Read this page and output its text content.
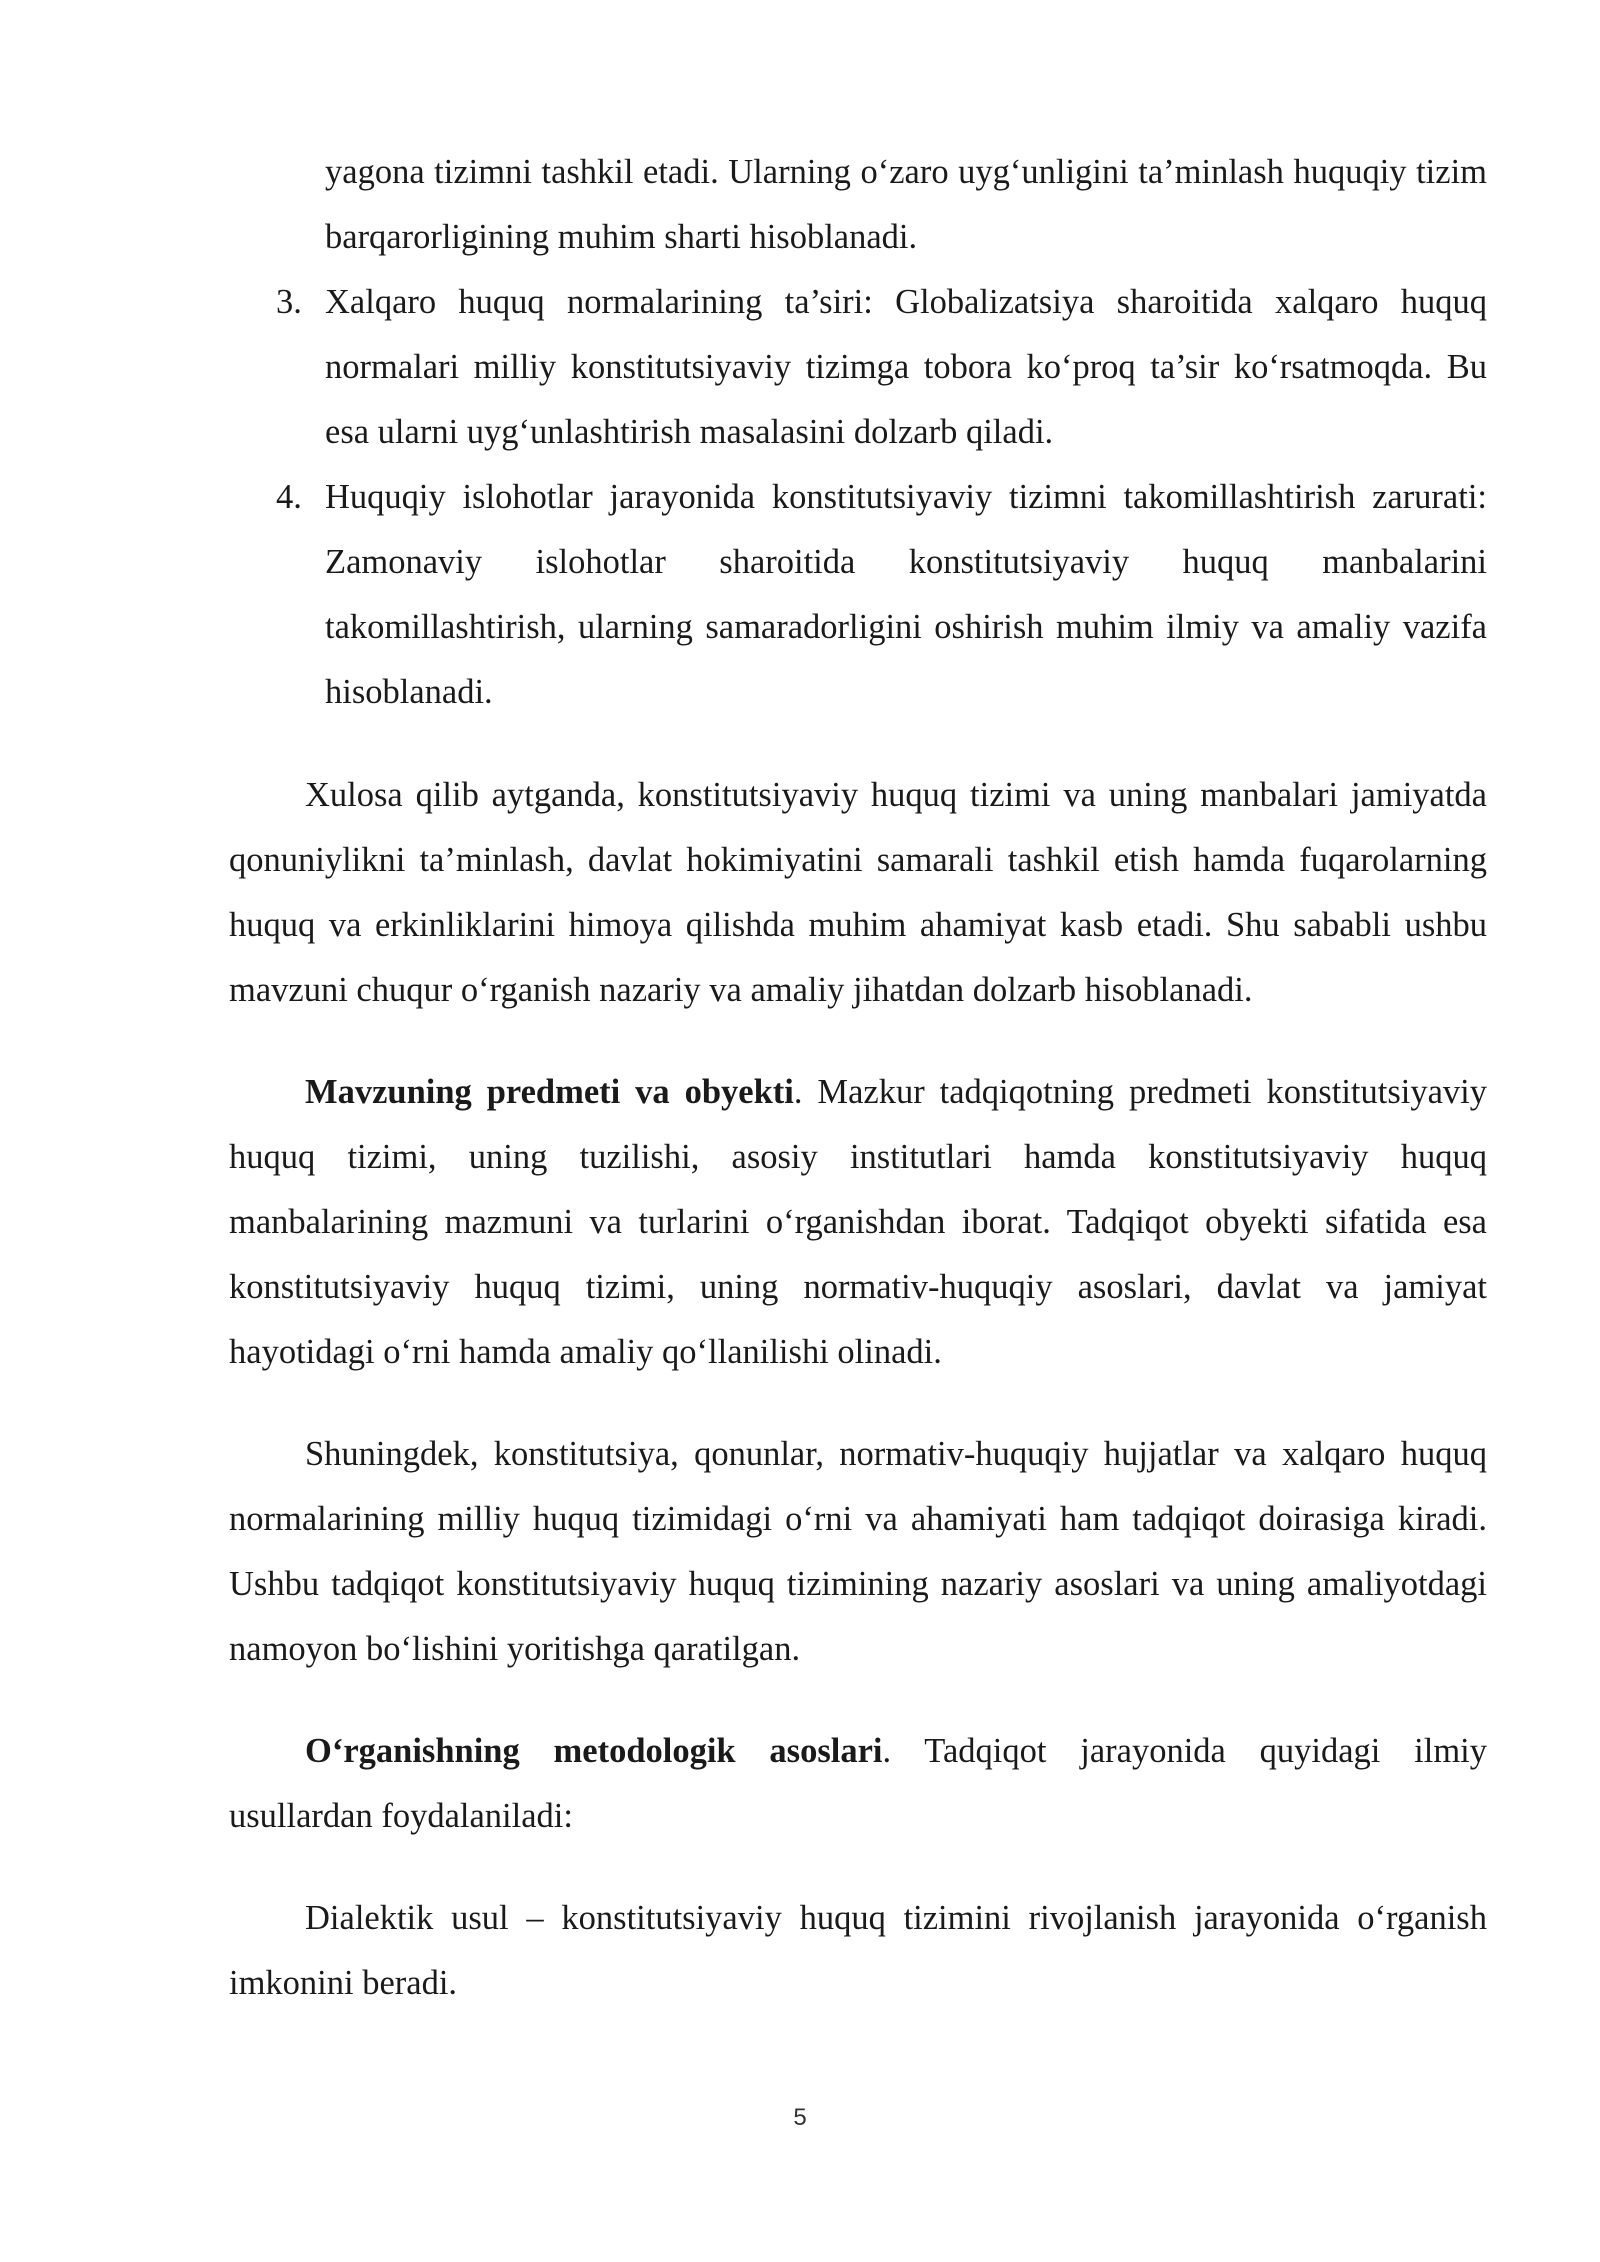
yagona tizimni tashkil etadi. Ularning o‘zaro uyg‘unligini ta’minlash huquqiy tizim barqarorligining muhim sharti hisoblanadi.

3. Xalqaro huquq normalarining ta’siri: Globalizatsiya sharoitida xalqaro huquq normalari milliy konstitutsiyaviy tizimga tobora ko‘proq ta’sir ko‘rsatmoqda. Bu esa ularni uyg‘unlashtirish masalasini dolzarb qiladi.
4. Huquqiy islohotlar jarayonida konstitutsiyaviy tizimni takomillashtirish zarurati: Zamonaviy islohotlar sharoitida konstitutsiyaviy huquq manbalarini takomillashtirish, ularning samaradorligini oshirish muhim ilmiy va amaliy vazifa hisoblanadi.

Xulosa qilib aytganda, konstitutsiyaviy huquq tizimi va uning manbalari jamiyatda qonuniylikni ta’minlash, davlat hokimiyatini samarali tashkil etish hamda fuqarolarning huquq va erkinliklarini himoya qilishda muhim ahamiyat kasb etadi. Shu sababli ushbu mavzuni chuqur o‘rganish nazariy va amaliy jihatdan dolzarb hisoblanadi.

Mavzuning predmeti va obyekti. Mazkur tadqiqotning predmeti konstitutsiyaviy huquq tizimi, uning tuzilishi, asosiy institutlari hamda konstitutsiyaviy huquq manbalarining mazmuni va turlarini o‘rganishdan iborat. Tadqiqot obyekti sifatida esa konstitutsiyaviy huquq tizimi, uning normativ-huquqiy asoslari, davlat va jamiyat hayotidagi o‘rni hamda amaliy qo‘llanilishi olinadi.

Shuningdek, konstitutsiya, qonunlar, normativ-huquqiy hujjatlar va xalqaro huquq normalarining milliy huquq tizimidagi o‘rni va ahamiyati ham tadqiqot doirasiga kiradi. Ushbu tadqiqot konstitutsiyaviy huquq tizimining nazariy asoslari va uning amaliyotdagi namoyon bo‘lishini yoritishga qaratilgan.

O‘rganishning metodologik asoslari. Tadqiqot jarayonida quyidagi ilmiy usullardan foydalaniladi:

Dialektik usul – konstitutsiyaviy huquq tizimini rivojlanish jarayonida o‘rganish imkonini beradi.

5
